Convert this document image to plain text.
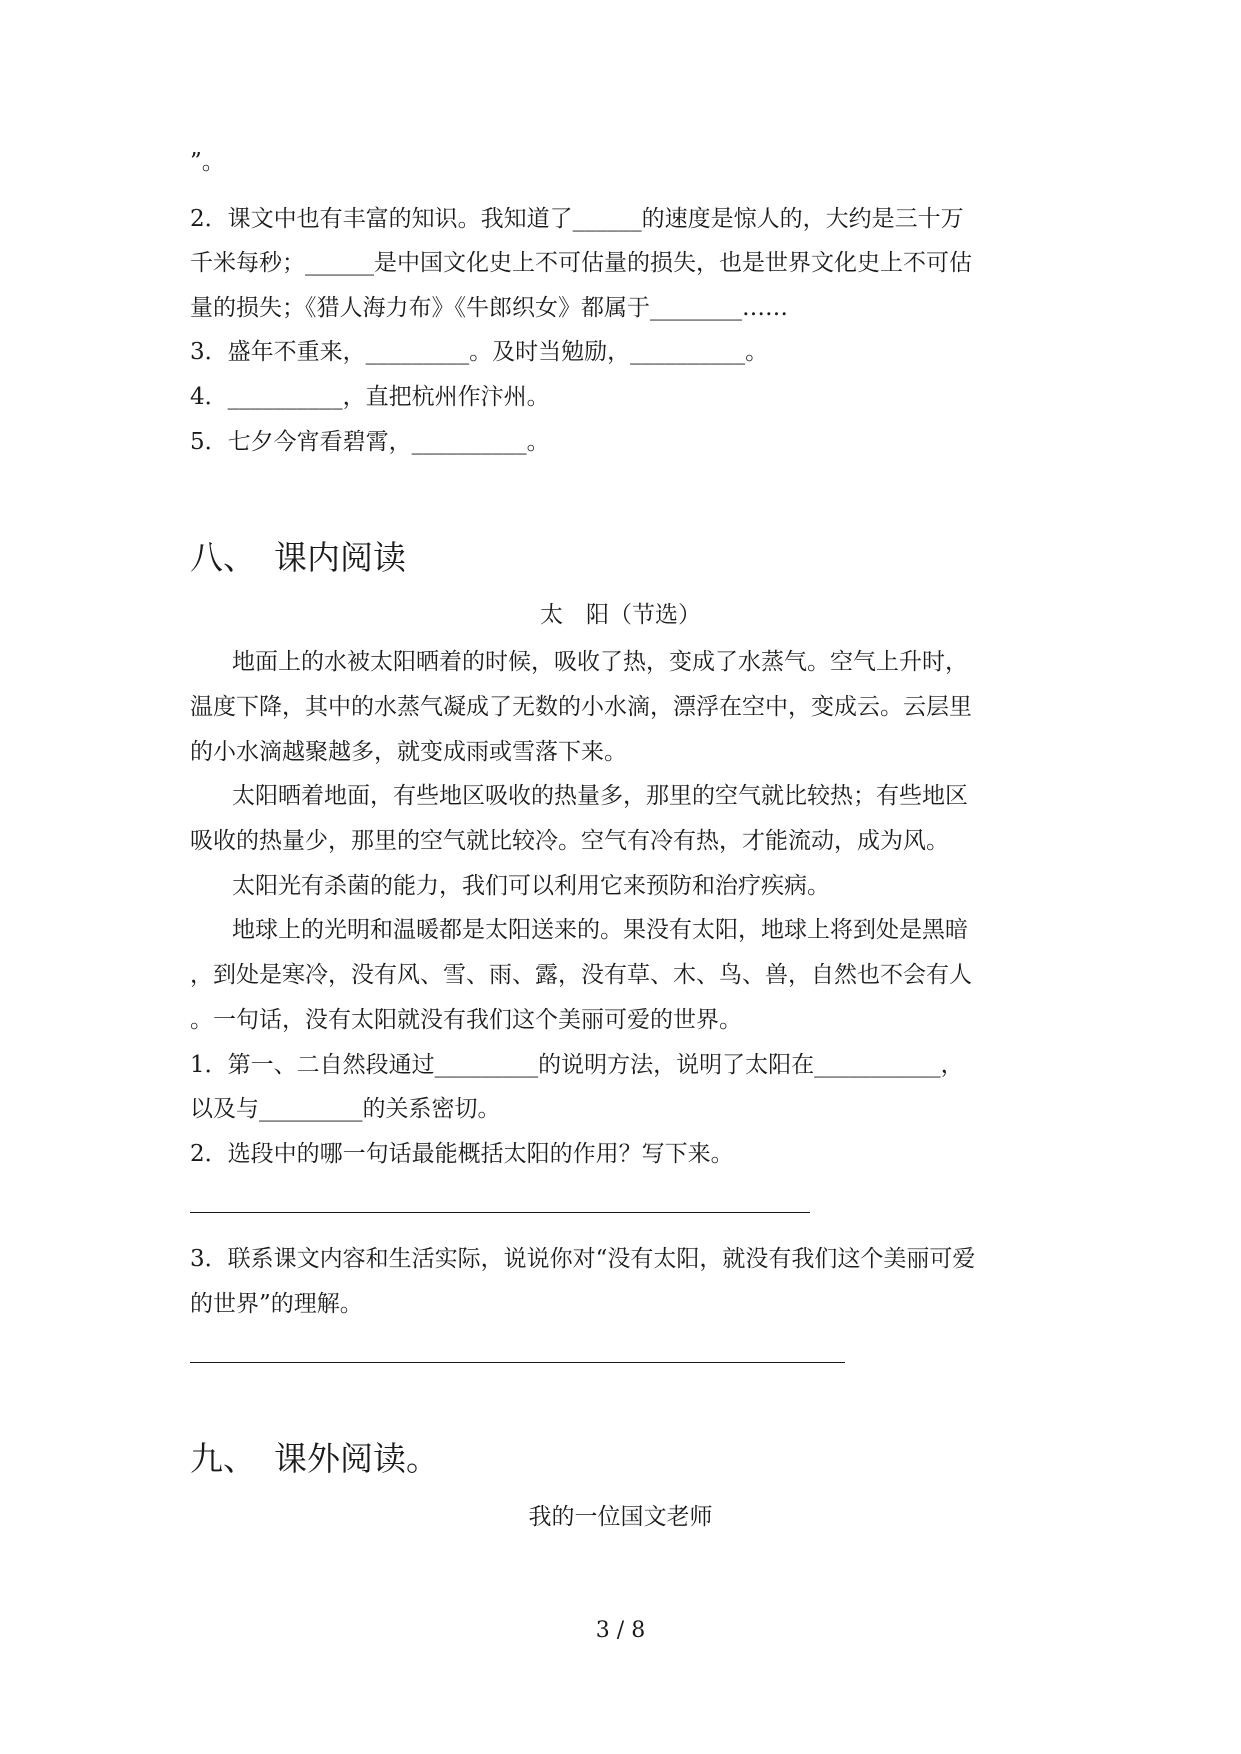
”。
2．课文中也有丰富的知识。我知道了______的速度是惊人的，大约是三十万
千米每秒；______是中国文化史上不可估量的损失，也是世界文化史上不可估
量的损失；《猎人海力布》《牛郎织女》都属于________……
3．盛年不重来，_________。及时当勉励，__________。
4．__________，直把杭州作汴州。
5．七夕今宵看碧霄，__________。
八、 课内阅读
太　阳（节选）
地面上的水被太阳晒着的时候，吸收了热，变成了水蒸气。空气上升时，
温度下降，其中的水蒸气凝成了无数的小水滴，漂浮在空中，变成云。云层里
的小水滴越聚越多，就变成雨或雪落下来。
太阳晒着地面，有些地区吸收的热量多，那里的空气就比较热；有些地区
吸收的热量少，那里的空气就比较冷。空气有冷有热，才能流动，成为风。
太阳光有杀菌的能力，我们可以利用它来预防和治疗疾病。
地球上的光明和温暖都是太阳送来的。果没有太阳，地球上将到处是黑暗
，到处是寒冷，没有风、雪、雨、露，没有草、木、鸟、兽，自然也不会有人
。一句话，没有太阳就没有我们这个美丽可爱的世界。
1．第一、二自然段通过_________的说明方法，说明了太阳在___________，
以及与_________的关系密切。
2．选段中的哪一句话最能概括太阳的作用？写下来。
3．联系课文内容和生活实际，说说你对“没有太阳，就没有我们这个美丽可爱
的世界”的理解。
九、 课外阅读。
我的一位国文老师
3 / 8
